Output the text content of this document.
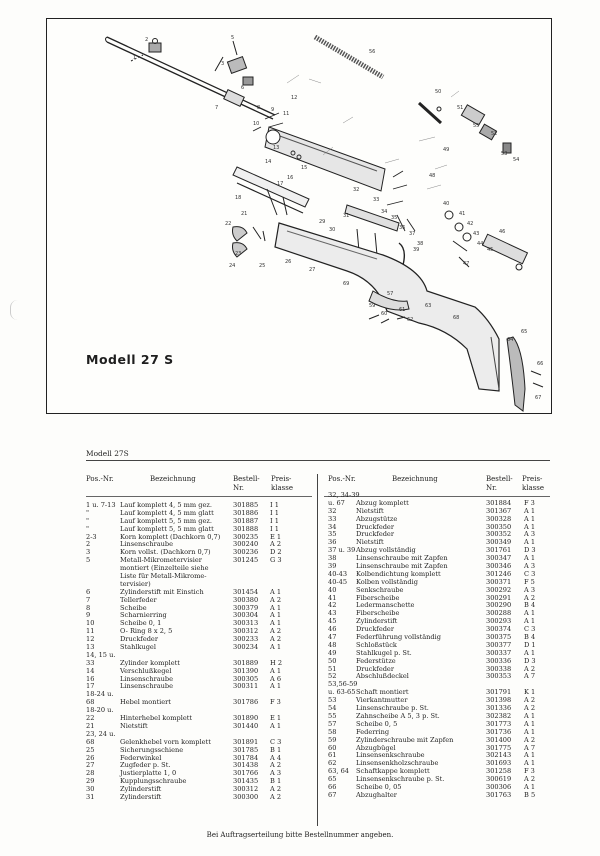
1
2
3
5
6
7	8 9
10
11
12
13
14
15
16
17
18
21
22
23
24	25
26
27
29
30
31
32
33
34
35
36
37
38
39
40
41
42
43
44
45
46
47
48
49
50
51
52
53
54
55
56
57
59
60
61
62
63
64
65
66
67
68
69
Modell 27 S
Modell 27S
Pos.-Nr.	Bezeichnung	Bestell-
Nr.
Preis-
klasse
Pos.-Nr.	Bezeichnung	Bestell-
Nr.
Preis-
klasse
1 u. 7-13 Lauf komplett 4, 5 mm gez.	301885 I 1
"	Lauf komplett 4, 5 mm glatt	301886 I 1
"	Lauf komplett 5, 5 mm gez.	301887 I 1
"	Lauf komplett 5, 5 mm glatt	301888 I 1
2-3	Korn komplett (Dachkorn 0,7) 300235 E 1
2	Linsenschraube	300240 A 2
3	Korn vollst. (Dachkorn 0,7)	300236 D 2
5	Metall-Mikrometervisier	301245 G 3
montiert (Einzelteile siehe
Liste für Metall-Mikrome-
tervisier)
6	Zylinderstift mit Einstich	301454 A 1
7	Tellerfeder	300380 A 2
8	Scheibe	300379 A 1
9	Scharnierring	300304 A 1
10	Scheibe 0, 1	300313 A 1
11	O- Ring 8 x 2, 5	300312 A 2
12	Druckfeder	300233 A 2
13	Stahlkugel	300234 A 1
14, 15 u.
33	Zylinder komplett	301889 H 2
14	Verschlußkegel	301390 A 1
16	Linsenschraube	300305 A 6
17	Linsenschraube	300311 A 1
18-24 u.
68	Hebel montiert	301786 F 3
18-20 u.
22	Hinterhebel komplett	301890 E 1
21	Nietstift	301440 A 1
23, 24 u.
68	Gelenkhebel vorn komplett	301891 C 3
25	Sicherungsschiene	301785 B 1
26	Federwinkel	301784 A 4
27	Zugfeder p. St.	301438 A 2
28	Justierplatte 1, 0	301766 A 3
29	Kupplungsschraube	301435 B 1
30	Zylinderstift	300312 A 2
31	Zylinderstift	300300 A 2
32, 34-39
u. 67 Abzug komplett	301884 F 3
32	Nietstift	301367 A 1
33	Abzugstütze	300328 A 1
34	Druckfeder	300350 A 1
35	Druckfeder	300352 A 3
36	Nietstift	300349 A 1
37 u. 39 Abzug vollständig	301761 D 3
38	Linsenschraube mit Zapfen	300347 A 1
39	Linsenschraube mit Zapfen	300346 A 3
40-43 Kolbendichtung komplett	301246 C 3
40-45 Kolben vollständig	300371 F 5
40	Senkschraube	300292 A 3
41	Fiberscheibe	300291 A 2
42	Ledermanschette	300290 B 4
43	Fiberscheibe	300288 A 1
45	Zylinderstift	300293 A 1
46	Druckfeder	300374 C 3
47	Federführung vollständig	300375 B 4
48	Schloßstück	300377 D 1
49	Stahlkugel p. St.	300337 A 1
50	Federstütze	300336 D 3
51	Druckfeder	300338 A 2
52	Abschlußdeckel	300353 A 7
53,56-59
u. 63-65 Schaft montiert	301791 K 1
53	Vierkantmutter	301398 A 2
54	Linsenschraube p. St.	301336 A 2
55	Zahnscheibe A 5, 3 p. St.	302382 A 1
57	Scheibe 0, 5	301773 A 1
58	Federring	301736 A 1
59	Zylinderschraube mit Zapfen	301400 A 2
60	Abzugbügel	301775 A 7
61	Linsensenkschraube	302143 A 1
62	Linsensenkholzschraube	301693 A 1
63, 64 Schaftkappe komplett	301258 F 3
65	Linsensenkschraube p. St.	300619 A 2
66	Scheibe 0, 05	300306 A 1
67	Abzughalter	301763 B 5
Bei Auftragserteilung bitte Bestellnummer angeben.
